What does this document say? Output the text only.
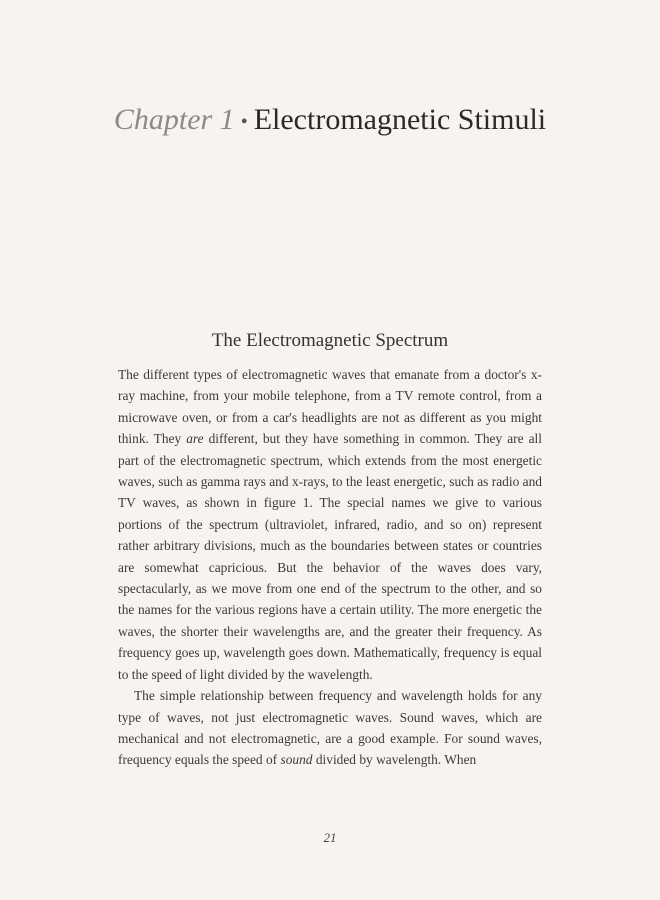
Chapter 1 • Electromagnetic Stimuli
The Electromagnetic Spectrum

The different types of electromagnetic waves that emanate from a doctor's x-ray machine, from your mobile telephone, from a TV remote control, from a microwave oven, or from a car's headlights are not as different as you might think. They are different, but they have something in common. They are all part of the electromagnetic spectrum, which extends from the most energetic waves, such as gamma rays and x-rays, to the least energetic, such as radio and TV waves, as shown in figure 1. The special names we give to various portions of the spectrum (ultraviolet, infrared, radio, and so on) represent rather arbitrary divisions, much as the boundaries between states or countries are somewhat capricious. But the behavior of the waves does vary, spectacularly, as we move from one end of the spectrum to the other, and so the names for the various regions have a certain utility. The more energetic the waves, the shorter their wavelengths are, and the greater their frequency. As frequency goes up, wavelength goes down. Mathematically, frequency is equal to the speed of light divided by the wavelength.

The simple relationship between frequency and wavelength holds for any type of waves, not just electromagnetic waves. Sound waves, which are mechanical and not electromagnetic, are a good example. For sound waves, frequency equals the speed of sound divided by wavelength. When

21
